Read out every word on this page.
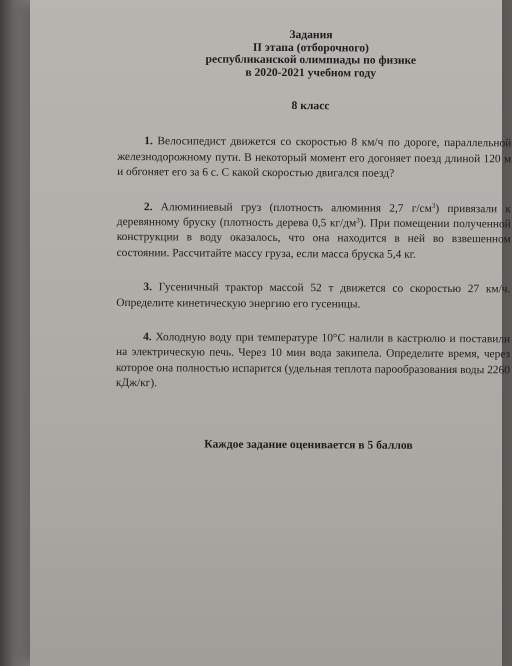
Задания
II этапа (отборочного)
республиканской олимпиады по физике
в 2020-2021 учебном году
8 класс

1. Велосипедист движется со скоростью 8 км/ч по дороге, параллельной железнодорожному пути. В некоторый момент его догоняет поезд длиной 120 м и обгоняет его за 6 с. С какой скоростью двигался поезд?

2. Алюминиевый груз (плотность алюминия 2,7 $г/см^3$) привязали к деревянному бруску (плотность дерева 0,5 $кг/дм^3$). При помещении полученной конструкции в воду оказалось, что она находится в ней во взвешенном состоянии. Рассчитайте массу груза, если масса бруска 5,4 кг.

3. Гусеничный трактор массой 52 т движется со скоростью 27 км/ч. Определите кинетическую энергию его гусеницы.

4. Холодную воду при температуре 10°С налили в кастрюлю и поставили на электрическую печь. Через 10 мин вода закипела. Определите время, через которое она полностью испарится (удельная теплота парообразования воды 2260 кДж/кг).

Каждое задание оценивается в 5 баллов
